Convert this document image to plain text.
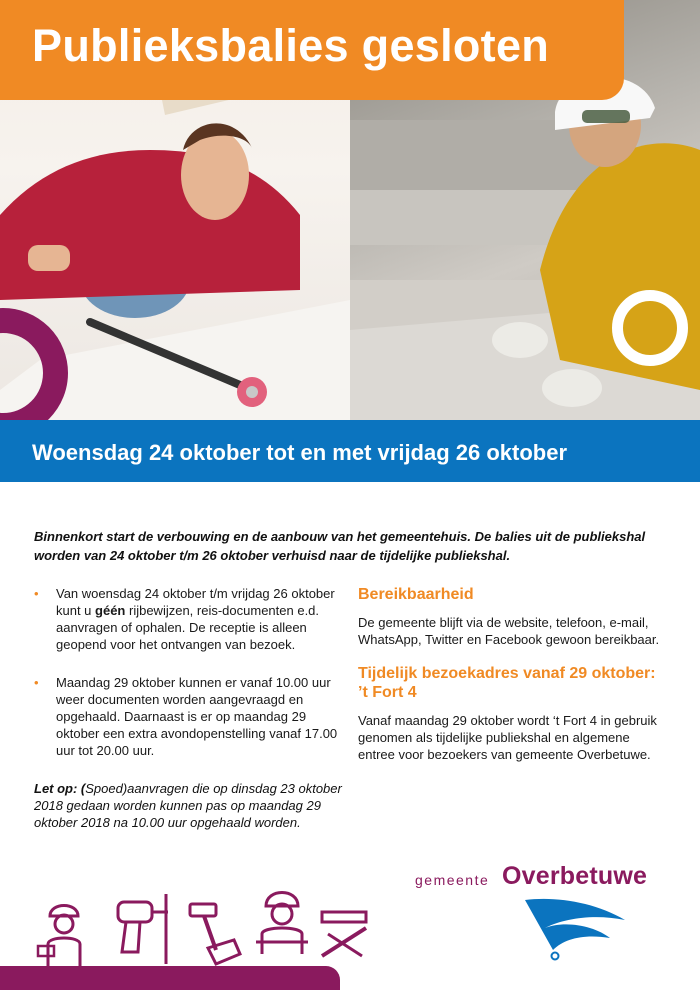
Publieksbalies gesloten
Woensdag 24 oktober tot en met vrijdag 26 oktober

Binnenkort start de verbouwing en de aanbouw van het gemeentehuis. De balies uit de publiekshal worden van 24 oktober t/m 26 oktober verhuisd naar de tijdelijke publiekshal.

• Van woensdag 24 oktober t/m vrijdag 26 oktober kunt u géén rijbewijzen, reis-documenten e.d. aanvragen of ophalen. De receptie is alleen geopend voor het ontvangen van bezoek.
• Maandag 29 oktober kunnen er vanaf 10.00 uur weer documenten worden aangevraagd en opgehaald. Daarnaast is er op maandag 29 oktober een extra avondopenstelling vanaf 17.00 uur tot 20.00 uur.

Let op: (Spoed)aanvragen die op dinsdag 23 oktober 2018 gedaan worden kunnen pas op maandag 29 oktober 2018 na 10.00 uur opgehaald worden.

Bereikbaarheid

De gemeente blijft via de website, telefoon, e-mail, WhatsApp, Twitter en Facebook gewoon bereikbaar.

Tijdelijk bezoekadres vanaf 29 oktober: ’t Fort 4

Vanaf maandag 29 oktober wordt ‘t Fort 4 in gebruik genomen als tijdelijke publiekshal en algemene entree voor bezoekers van gemeente Overbetuwe.

gemeente Overbetuwe
